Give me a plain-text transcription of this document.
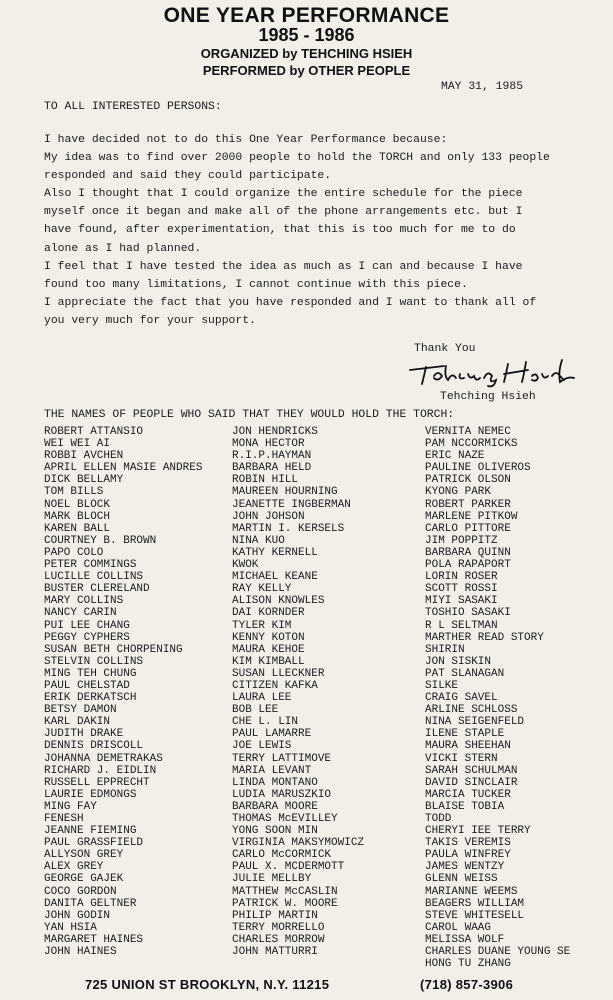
ONE YEAR PERFORMANCE
1985 - 1986
ORGANIZED by TEHCHING HSIEH
PERFORMED by OTHER PEOPLE
MAY 31, 1985
TO ALL INTERESTED PERSONS:
I have decided not to do this One Year Performance because:
My idea was to find over 2000 people to hold the TORCH and only 133 people
responded and said they could participate.
Also I thought that I could organize the entire schedule for the piece
myself once it began and make all of the phone arrangements etc. but I
have found, after experimentation, that this is too much for me to do
alone as I had planned.
I feel that I have tested the idea as much as I can and because I have
found too many limitations, I cannot continue with this piece.
I appreciate the fact that you have responded and I want to thank all of
you very much for your support.
Thank You
Tehching Hsieh
THE NAMES OF PEOPLE WHO SAID THAT THEY WOULD HOLD THE TORCH:
ROBERT ATTANSIO
WEI WEI AI
ROBBI AVCHEN
APRIL ELLEN MASIE ANDRES
DICK BELLAMY
TOM BILLS
NOEL BLOCK
MARK BLOCH
KAREN BALL
COURTNEY B. BROWN
PAPO COLO
PETER COMMINGS
LUCILLE COLLINS
BUSTER CLERELAND
MARY COLLINS
NANCY CARIN
PUI LEE CHANG
PEGGY CYPHERS
SUSAN BETH CHORPENING
STELVIN COLLINS
MING TEH CHUNG
PAUL CHELSTAD
ERIK DERKATSCH
BETSY DAMON
KARL DAKIN
JUDITH DRAKE
DENNIS DRISCOLL
JOHANNA DEMETRAKAS
RICHARD J. EIDLIN
RUSSELL EPPRECHT
LAURIE EDMONGS
MING FAY
FENESH
JEANNE FIEMING
PAUL GRASSFIELD
ALLYSON GREY
ALEX GREY
GEORGE GAJEK
COCO GORDON
DANITA GELTNER
JOHN GODIN
YAN HSIA
MARGARET HAINES
JOHN HAINES
JON HENDRICKS
MONA HECTOR
R.I.P.HAYMAN
BARBARA HELD
ROBIN HILL
MAUREEN HOURNING
JEANETTE INGBERMAN
JOHN JOHSON
MARTIN I. KERSELS
NINA KUO
KATHY KERNELL
KWOK
MICHAEL KEANE
RAY KELLY
ALISON KNOWLES
DAI KORNDER
TYLER KIM
KENNY KOTON
MAURA KEHOE
KIM KIMBALL
SUSAN LLECKNER
CITIZEN KAFKA
LAURA LEE
BOB LEE
CHE L. LIN
PAUL LAMARRE
JOE LEWIS
TERRY LATTIMOVE
MARIA LEVANT
LINDA MONTANO
LUDIA MARUSZKIO
BARBARA MOORE
THOMAS McEVILLEY
YONG SOON MIN
VIRGINIA MAKSYMOWICZ
CARLO McCORMICK
PAUL X. MCDERMOTT
JULIE MELLBY
MATTHEW McCASLIN
PATRICK W. MOORE
PHILIP MARTIN
TERRY MORRELLO
CHARLES MORROW
JOHN MATTURRI
VERNITA NEMEC
PAM NCCORMICKS
ERIC NAZE
PAULINE OLIVEROS
PATRICK OLSON
KYONG PARK
ROBERT PARKER
MARLENE PITKOW
CARLO PITTORE
JIM POPPITZ
BARBARA QUINN
POLA RAPAPORT
LORIN ROSER
SCOTT ROSSI
MIYI SASAKI
TOSHIO SASAKI
R L SELTMAN
MARTHER READ STORY
SHIRIN
JON SISKIN
PAT SLANAGAN
SILKE
CRAIG SAVEL
ARLINE SCHLOSS
NINA SEIGENFELD
ILENE STAPLE
MAURA SHEEHAN
VICKI STERN
SARAH SCHULMAN
DAVID SINCLAIR
MARCIA TUCKER
BLAISE TOBIA
TODD
CHERYI IEE TERRY
TAKIS VEREMIS
PAULA WINFREY
JAMES WENTZY
GLENN WEISS
MARIANNE WEEMS
BEAGERS WILLIAM
STEVE WHITESELL
CAROL WAAG
MELISSA WOLF
CHARLES DUANE YOUNG SE
HONG TU ZHANG
725 UNION ST BROOKLYN, N.Y. 11215	(718) 857-3906
